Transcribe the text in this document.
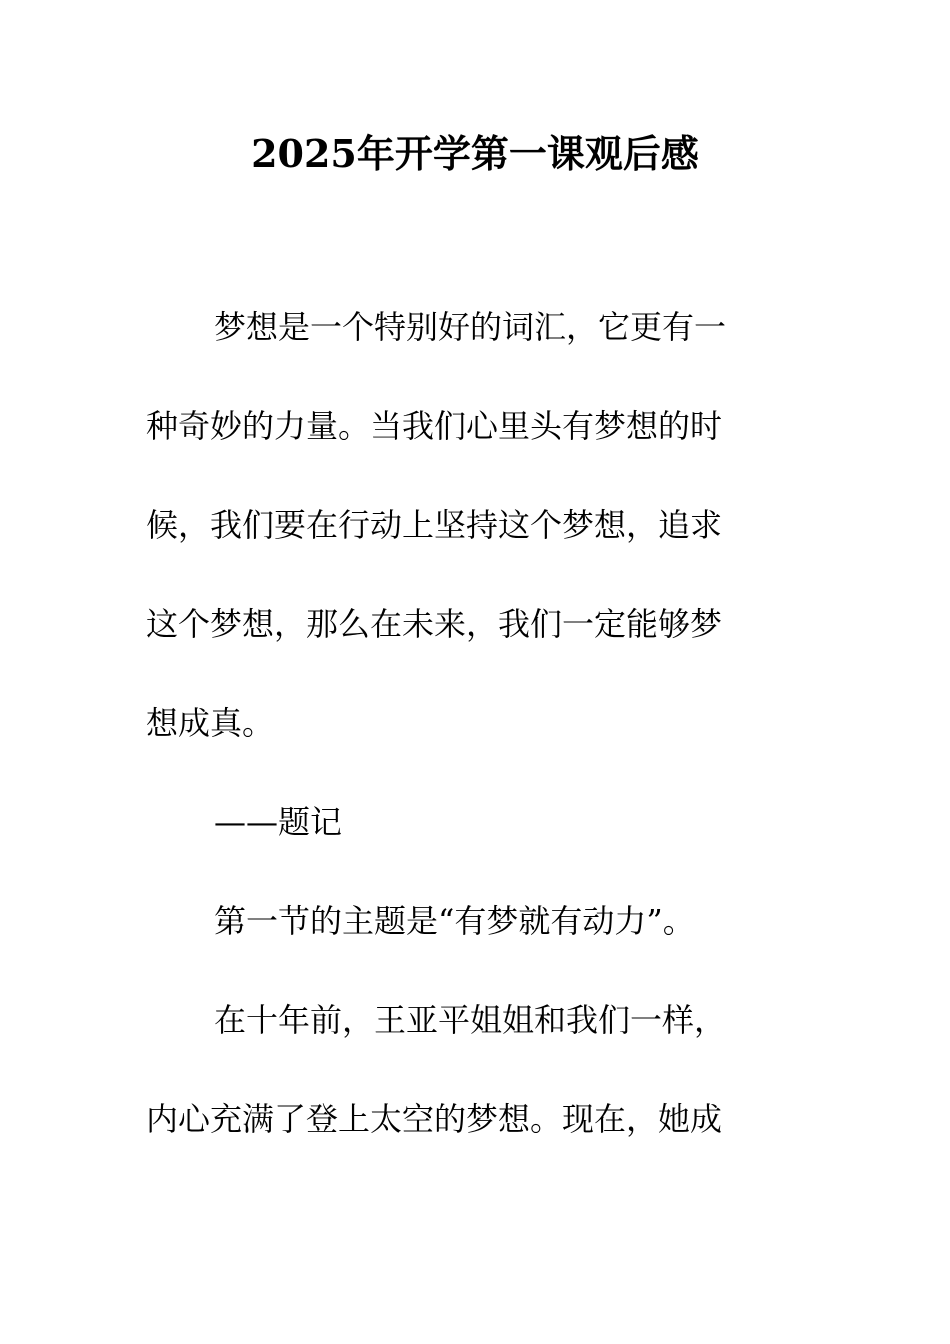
2025年开学第一课观后感

梦想是一个特别好的词汇，它更有一

种奇妙的力量。当我们心里头有梦想的时

候，我们要在行动上坚持这个梦想，追求

这个梦想，那么在未来，我们一定能够梦

想成真。

——题记

第一节的主题是“有梦就有动力”。

在十年前，王亚平姐姐和我们一样，

内心充满了登上太空的梦想。现在，她成
